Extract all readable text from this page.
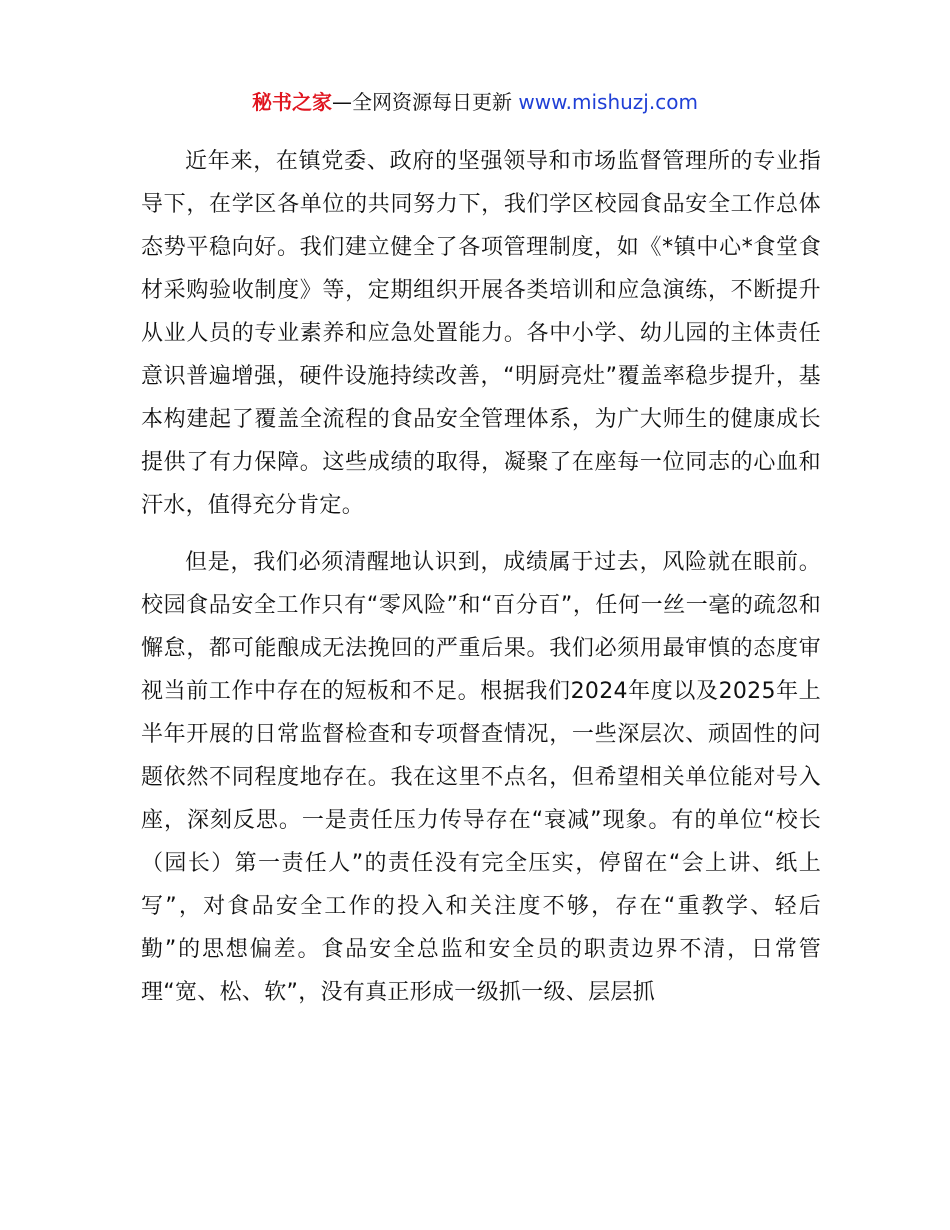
秘书之家—全网资源每日更新 www.mishuzj.com

近年来，在镇党委、政府的坚强领导和市场监督管理所的专业指导下，在学区各单位的共同努力下，我们学区校园食品安全工作总体态势平稳向好。我们建立健全了各项管理制度，如《*镇中心*食堂食材采购验收制度》等，定期组织开展各类培训和应急演练，不断提升从业人员的专业素养和应急处置能力。各中小学、幼儿园的主体责任意识普遍增强，硬件设施持续改善，“明厨亮灶”覆盖率稳步提升，基本构建起了覆盖全流程的食品安全管理体系，为广大师生的健康成长提供了有力保障。这些成绩的取得，凝聚了在座每一位同志的心血和汗水，值得充分肯定。

但是，我们必须清醒地认识到，成绩属于过去，风险就在眼前。校园食品安全工作只有“零风险”和“百分百”，任何一丝一毫的疏忽和懈怠，都可能酿成无法挽回的严重后果。我们必须用最审慎的态度审视当前工作中存在的短板和不足。根据我们2024年度以及2025年上半年开展的日常监督检查和专项督查情况，一些深层次、顽固性的问题依然不同程度地存在。我在这里不点名，但希望相关单位能对号入座，深刻反思。一是责任压力传导存在“衰减”现象。有的单位“校长（园长）第一责任人”的责任没有完全压实，停留在“会上讲、纸上写”，对食品安全工作的投入和关注度不够，存在“重教学、轻后勤”的思想偏差。食品安全总监和安全员的职责边界不清，日常管理“宽、松、软”，没有真正形成一级抓一级、层层抓
